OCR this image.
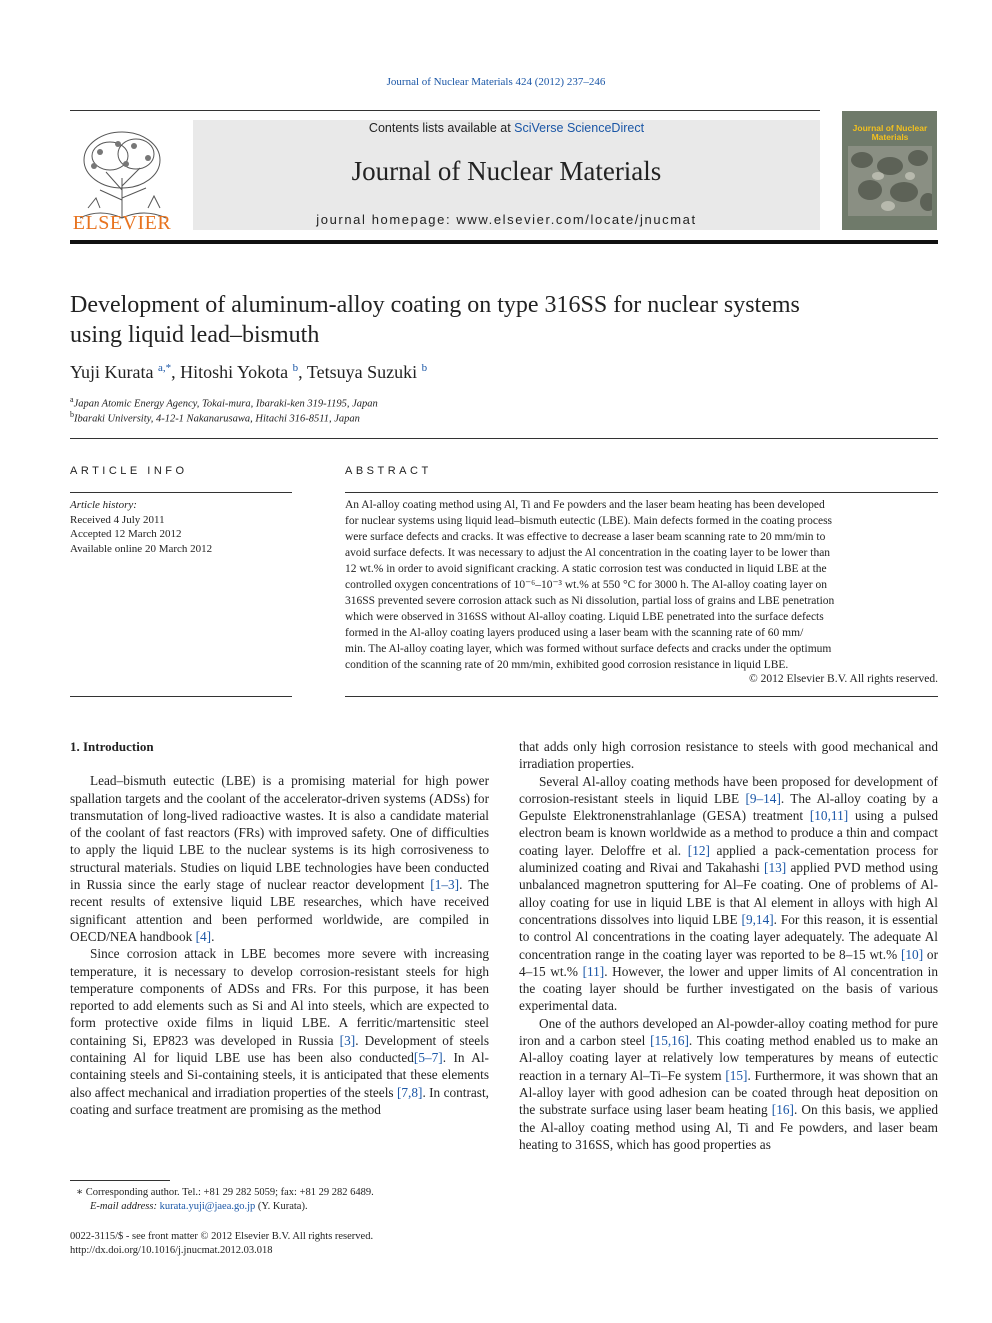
Journal of Nuclear Materials 424 (2012) 237–246
ELSEVIER
Contents lists available at SciVerse ScienceDirect
Journal of Nuclear Materials
journal homepage: www.elsevier.com/locate/jnucmat
Journal of Nuclear Materials
Development of aluminum-alloy coating on type 316SS for nuclear systems
using liquid lead–bismuth
Yuji Kurata $^{a,*}$, Hitoshi Yokota $^b$, Tetsuya Suzuki $^b$
$^a$Japan Atomic Energy Agency, Tokai-mura, Ibaraki-ken 319-1195, Japan
$^b$Ibaraki University, 4-12-1 Nakanarusawa, Hitachi 316-8511, Japan
ARTICLE INFO
Article history:
Received 4 July 2011
Accepted 12 March 2012
Available online 20 March 2012
ABSTRACT
An Al-alloy coating method using Al, Ti and Fe powders and the laser beam heating has been developed
for nuclear systems using liquid lead–bismuth eutectic (LBE). Main defects formed in the coating process
were surface defects and cracks. It was effective to decrease a laser beam scanning rate to 20 mm/min to
avoid surface defects. It was necessary to adjust the Al concentration in the coating layer to be lower than
12 wt.% in order to avoid significant cracking. A static corrosion test was conducted in liquid LBE at the
controlled oxygen concentrations of 10⁻⁶–10⁻³ wt.% at 550 °C for 3000 h. The Al-alloy coating layer on
316SS prevented severe corrosion attack such as Ni dissolution, partial loss of grains and LBE penetration
which were observed in 316SS without Al-alloy coating. Liquid LBE penetrated into the surface defects
formed in the Al-alloy coating layers produced using a laser beam with the scanning rate of 60 mm/
min. The Al-alloy coating layer, which was formed without surface defects and cracks under the optimum
condition of the scanning rate of 20 mm/min, exhibited good corrosion resistance in liquid LBE.
© 2012 Elsevier B.V. All rights reserved.

1. Introduction

Lead–bismuth eutectic (LBE) is a promising material for high power spallation targets and the coolant of the accelerator-driven systems (ADSs) for transmutation of long-lived radioactive wastes. It is also a candidate material of the coolant of fast reactors (FRs) with improved safety. One of difficulties to apply the liquid LBE to the nuclear systems is its high corrosiveness to structural materials. Studies on liquid LBE technologies have been conducted in Russia since the early stage of nuclear reactor development [1–3]. The recent results of extensive liquid LBE researches, which have received significant attention and been performed worldwide, are compiled in OECD/NEA handbook [4].

Since corrosion attack in LBE becomes more severe with increasing temperature, it is necessary to develop corrosion-resistant steels for high temperature components of ADSs and FRs. For this purpose, it has been reported to add elements such as Si and Al into steels, which are expected to form protective oxide films in liquid LBE. A ferritic/martensitic steel containing Si, EP823 was developed in Russia [3]. Development of steels containing Al for liquid LBE use has been also conducted[5–7]. In Al-containing steels and Si-containing steels, it is anticipated that these elements also affect mechanical and irradiation properties of the steels [7,8]. In contrast, coating and surface treatment are promising as the method

that adds only high corrosion resistance to steels with good mechanical and irradiation properties.

Several Al-alloy coating methods have been proposed for development of corrosion-resistant steels in liquid LBE [9–14]. The Al-alloy coating by a Gepulste Elektronenstrahlanlage (GESA) treatment [10,11] using a pulsed electron beam is known worldwide as a method to produce a thin and compact coating layer. Deloffre et al. [12] applied a pack-cementation process for aluminized coating and Rivai and Takahashi [13] applied PVD method using unbalanced magnetron sputtering for Al–Fe coating. One of problems of Al-alloy coating for use in liquid LBE is that Al element in alloys with high Al concentrations dissolves into liquid LBE [9,14]. For this reason, it is essential to control Al concentrations in the coating layer adequately. The adequate Al concentration range in the coating layer was reported to be 8–15 wt.% [10] or 4–15 wt.% [11]. However, the lower and upper limits of Al concentration in the coating layer should be further investigated on the basis of various experimental data.

One of the authors developed an Al-powder-alloy coating method for pure iron and a carbon steel [15,16]. This coating method enabled us to make an Al-alloy coating layer at relatively low temperatures by means of eutectic reaction in a ternary Al–Ti–Fe system [15]. Furthermore, it was shown that an Al-alloy layer with good adhesion can be coated through heat deposition on the substrate surface using laser beam heating [16]. On this basis, we applied the Al-alloy coating method using Al, Ti and Fe powders, and laser beam heating to 316SS, which has good properties as

∗ Corresponding author. Tel.: +81 29 282 5059; fax: +81 29 282 6489.
E-mail address: kurata.yuji@jaea.go.jp (Y. Kurata).
0022-3115/$ - see front matter © 2012 Elsevier B.V. All rights reserved.
http://dx.doi.org/10.1016/j.jnucmat.2012.03.018
